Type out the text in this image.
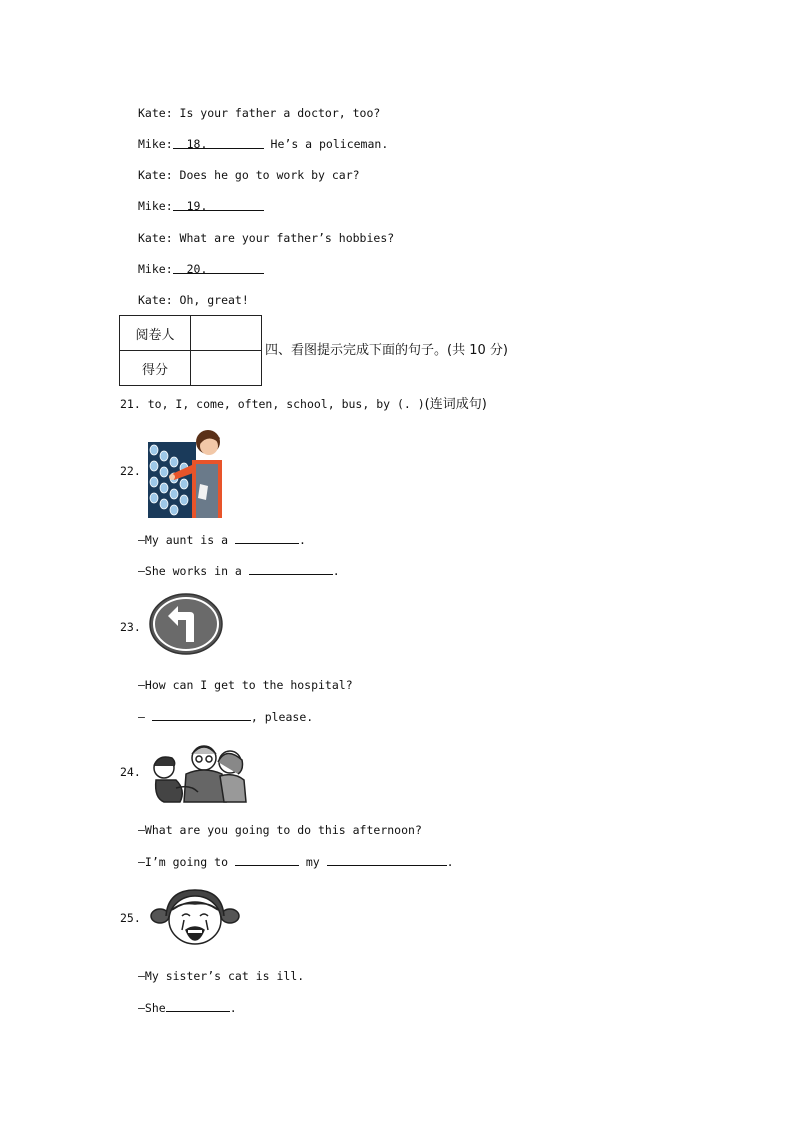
Kate: Is your father a doctor, too?
Mike: 18.	He’s a policeman.
Kate: Does he go to work by car?
Mike: 19.
Kate: What are your father’s hobbies?
Mike: 20.
Kate: Oh, great!
阅卷人	
得分	
四、看图提示完成下面的句子。(共 10 分)
21. to, I, come, often, school, bus, by (. )(连词成句)
22.
—My aunt is a	.
—She works in a	.
23.
—How can I get to the hospital?
—	, please.
24.
—What are you going to do this afternoon?
—I’m going to	my	.
25.
—My sister’s cat is ill.
—She	.
